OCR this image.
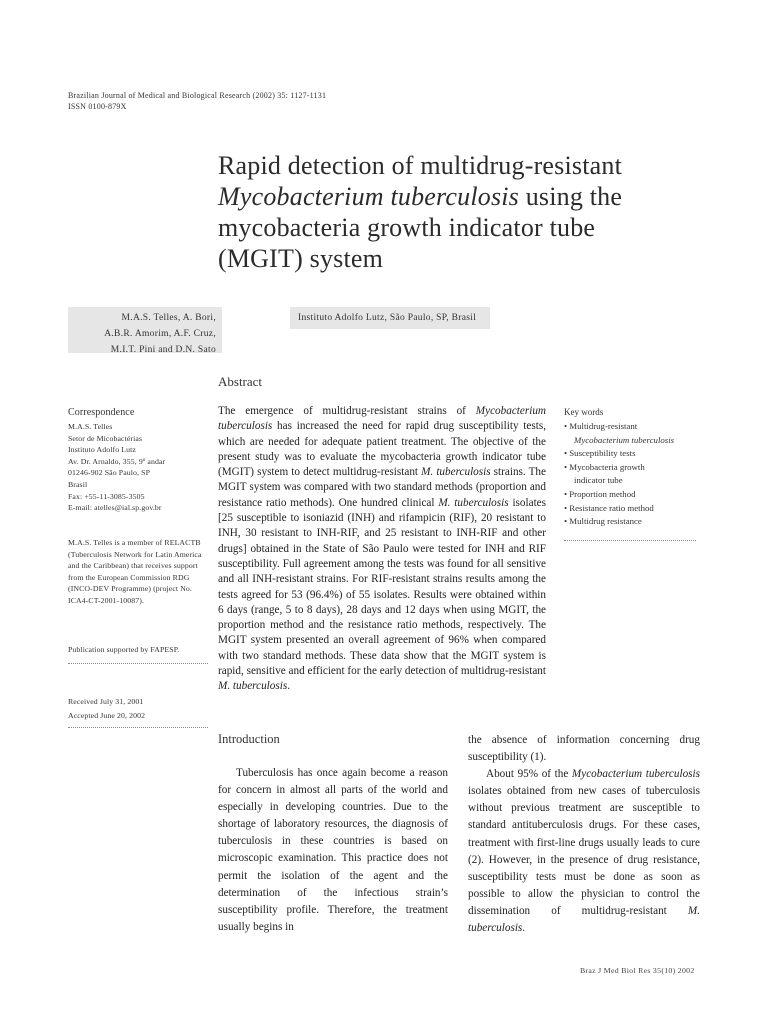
Brazilian Journal of Medical and Biological Research (2002) 35: 1127-1131
ISSN 0100-879X
Rapid detection of multidrug-resistant
Mycobacterium tuberculosis using the
mycobacteria growth indicator tube
(MGIT) system
M.A.S. Telles, A. Bori,
A.B.R. Amorim, A.F. Cruz,
M.I.T. Pini and D.N. Sato
Instituto Adolfo Lutz, São Paulo, SP, Brasil
Abstract
The emergence of multidrug-resistant strains of Mycobacterium tuberculosis has increased the need for rapid drug susceptibility tests, which are needed for adequate patient treatment. The objective of the present study was to evaluate the mycobacteria growth indicator tube (MGIT) system to detect multidrug-resistant M. tuberculosis strains. The MGIT system was compared with two standard methods (proportion and resistance ratio methods). One hundred clinical M. tuberculosis isolates [25 susceptible to isoniazid (INH) and rifampicin (RIF), 20 resistant to INH, 30 resistant to INH-RIF, and 25 resistant to INH-RIF and other drugs] obtained in the State of São Paulo were tested for INH and RIF susceptibility. Full agreement among the tests was found for all sensitive and all INH-resistant strains. For RIF-resistant strains results among the tests agreed for 53 (96.4%) of 55 isolates. Results were obtained within 6 days (range, 5 to 8 days), 28 days and 12 days when using MGIT, the proportion method and the resistance ratio methods, respectively. The MGIT system presented an overall agreement of 96% when compared with two standard methods. These data show that the MGIT system is rapid, sensitive and efficient for the early detection of multidrug-resistant M. tuberculosis.
Correspondence
M.A.S. Telles
Setor de Micobactérias
Instituto Adolfo Lutz
Av. Dr. Arnaldo, 355, 9º andar
01246-902 São Paulo, SP
Brasil
Fax: +55-11-3085-3505
E-mail: atelles@ial.sp.gov.br
M.A.S. Telles is a member of RELACTB (Tuberculosis Network for Latin America and the Caribbean) that receives support from the European Commission RDG (INCO-DEV Programme) (project No. ICA4-CT-2001-10087).
Publication supported by FAPESP.
Received July 31, 2001
Accepted June 20, 2002
Key words
• Multidrug-resistant
Mycobacterium tuberculosis
• Susceptibility tests
• Mycobacteria growth
indicator tube
• Proportion method
• Resistance ratio method
• Multidrug resistance
Introduction
Tuberculosis has once again become a reason for concern in almost all parts of the world and especially in developing countries. Due to the shortage of laboratory resources, the diagnosis of tuberculosis in these countries is based on microscopic examination. This practice does not permit the isolation of the agent and the determination of the infectious strain’s susceptibility profile. Therefore, the treatment usually begins in
the absence of information concerning drug susceptibility (1).
About 95% of the Mycobacterium tuberculosis isolates obtained from new cases of tuberculosis without previous treatment are susceptible to standard antituberculosis drugs. For these cases, treatment with first-line drugs usually leads to cure (2). However, in the presence of drug resistance, susceptibility tests must be done as soon as possible to allow the physician to control the dissemination of multidrug-resistant M. tuberculosis.
Braz J Med Biol Res 35(10) 2002
